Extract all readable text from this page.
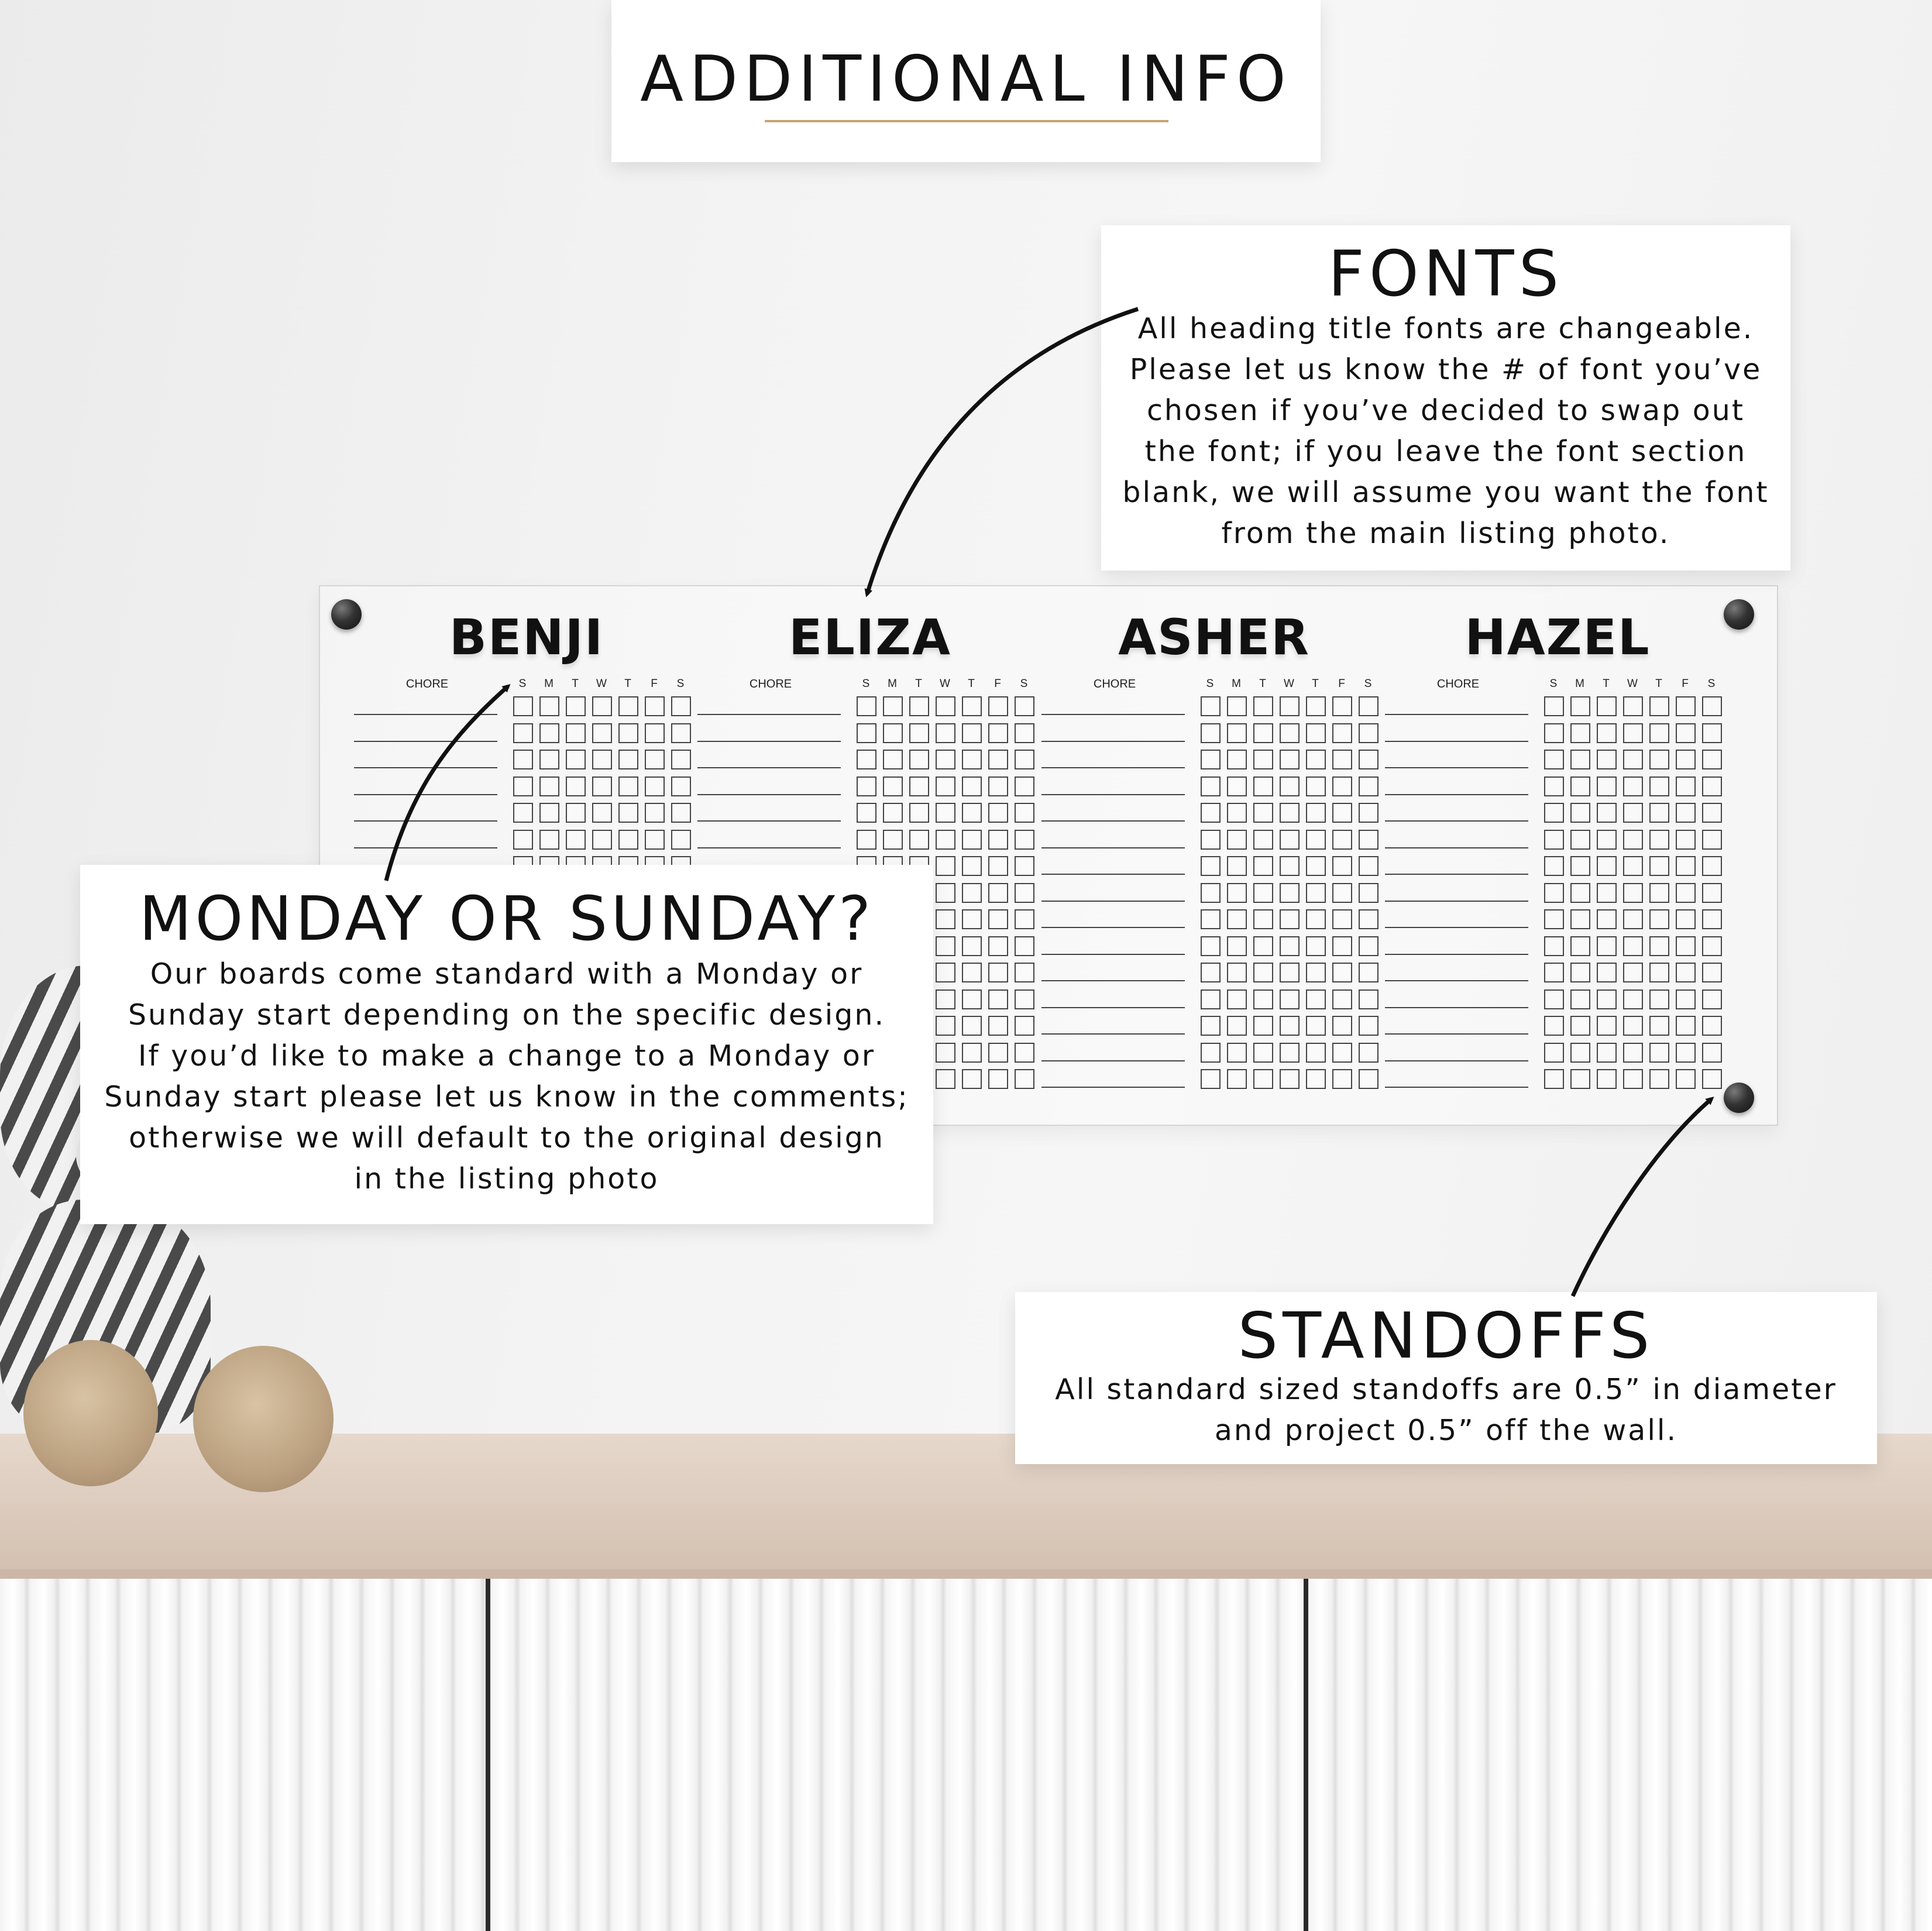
BENJI
CHORE	S	M	T	W	T	F	S
ELIZA
CHORE	S	M	T	W	T	F	S
ASHER
CHORE	S	M	T	W	T	F	S
HAZEL
CHORE	S	M	T	W	T	F	S
ADDITIONAL INFO
FONTS
All heading title fonts are changeable.
Please let us know the # of font you’ve
chosen if you’ve decided to swap out
the font; if you leave the font section
blank, we will assume you want the font
from the main listing photo.
MONDAY OR SUNDAY?
Our boards come standard with a Monday or
Sunday start depending on the specific design.
If you’d like to make a change to a Monday or
Sunday start please let us know in the comments;
otherwise we will default to the original design
in the listing photo
STANDOFFS
All standard sized standoffs are 0.5” in diameter
and project 0.5” off the wall.
